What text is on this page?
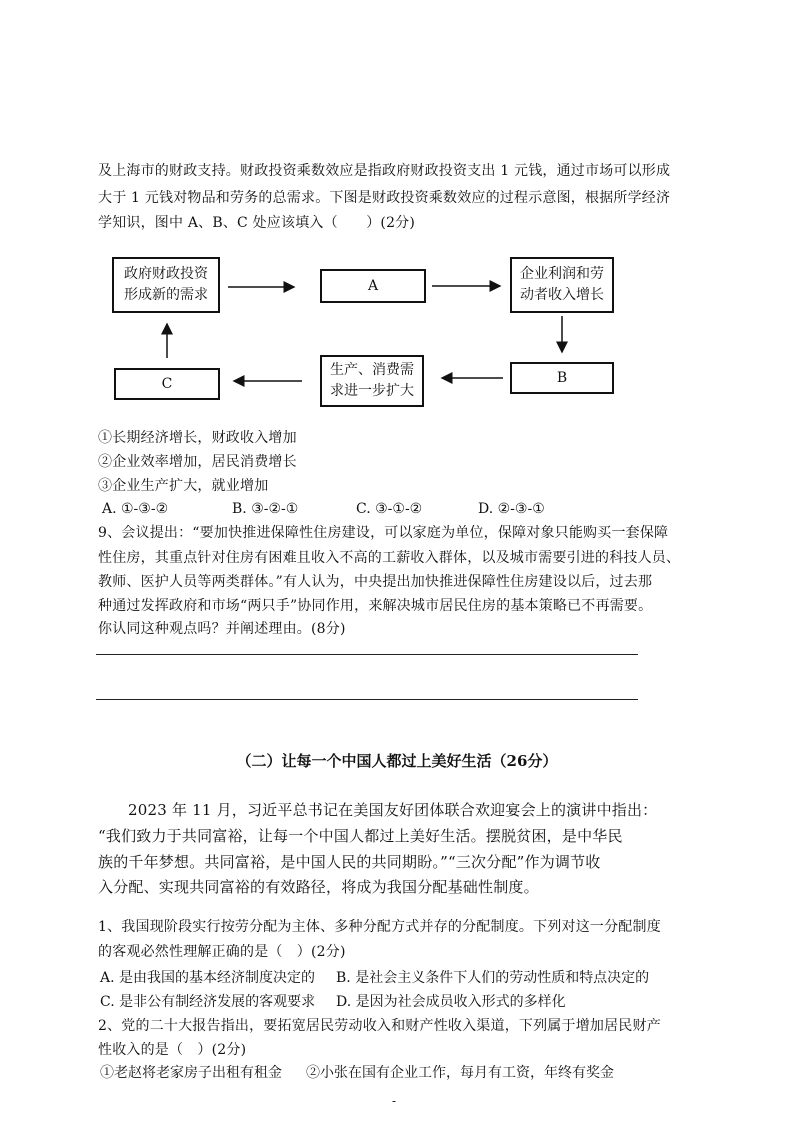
及上海市的财政支持。财政投资乘数效应是指政府财政投资支出 1 元钱，通过市场可以形成
大于 1 元钱对物品和劳务的总需求。下图是财政投资乘数效应的过程示意图，根据所学经济
学知识，图中 A、B、C 处应该填入（　　）(2分)
政府财政投资
形成新的需求
A
企业利润和劳
动者收入增长
B
生产、消费需
求进一步扩大
C
①长期经济增长，财政收入增加
②企业效率增加，居民消费增长
③企业生产扩大，就业增加
A. ①-③-②	B. ③-②-①	C. ③-①-②	D. ②-③-①
9、会议提出：“要加快推进保障性住房建设，可以家庭为单位，保障对象只能购买一套保障
性住房，其重点针对住房有困难且收入不高的工薪收入群体，以及城市需要引进的科技人员、
教师、医护人员等两类群体。”有人认为，中央提出加快推进保障性住房建设以后，过去那
种通过发挥政府和市场“两只手”协同作用，来解决城市居民住房的基本策略已不再需要。
你认同这种观点吗？并阐述理由。(8分)
（二）让每一个中国人都过上美好生活（26分）
2023 年 11 月，习近平总书记在美国友好团体联合欢迎宴会上的演讲中指出：
“我们致力于共同富裕，让每一个中国人都过上美好生活。摆脱贫困，是中华民
族的千年梦想。共同富裕，是中国人民的共同期盼。”“三次分配”作为调节收
入分配、实现共同富裕的有效路径，将成为我国分配基础性制度。
1、我国现阶段实行按劳分配为主体、多种分配方式并存的分配制度。下列对这一分配制度
的客观必然性理解正确的是（　）(2分)
A. 是由我国的基本经济制度决定的 B. 是社会主义条件下人们的劳动性质和特点决定的
C. 是非公有制经济发展的客观要求 D. 是因为社会成员收入形式的多样化
2、党的二十大报告指出，要拓宽居民劳动收入和财产性收入渠道，下列属于增加居民财产
性收入的是（　）(2分)
①老赵将老家房子出租有租金 ②小张在国有企业工作，每月有工资，年终有奖金
-
